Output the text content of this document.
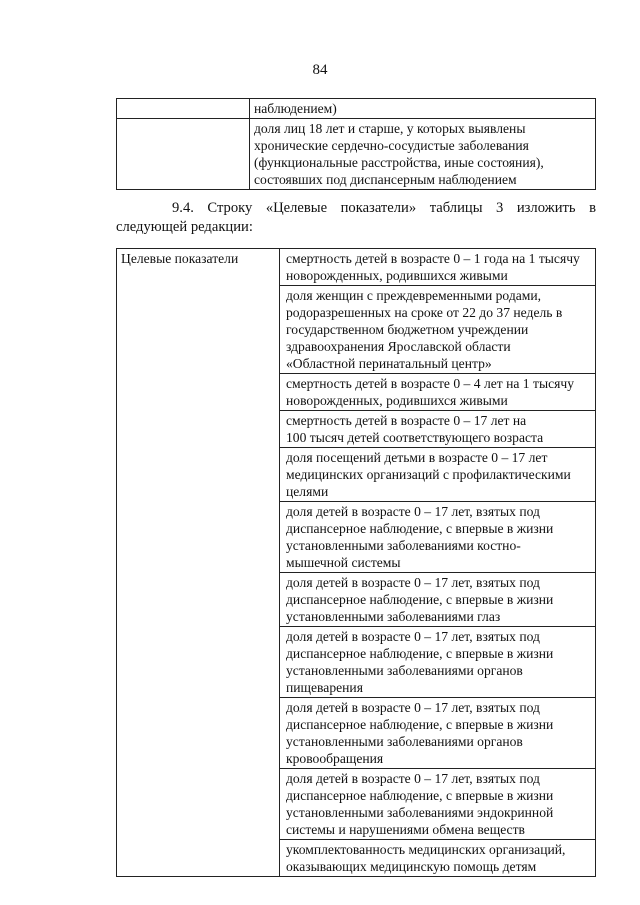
84
	наблюдением)

	доля лиц 18 лет и старше, у которых выявлены
хронические сердечно-сосудистые заболевания
(функциональные расстройства, иные состояния),
состоявших под диспансерным наблюдением
9.4. Строку «Целевые показатели» таблицы 3 изложить в следующей редакции:
Целевые показатели	смертность детей в возрасте 0 – 1 года на 1 тысячу
новорожденных, родившихся живыми

доля женщин с преждевременными родами,
родоразрешенных на сроке от 22 до 37 недель в
государственном бюджетном учреждении
здравоохранения Ярославской области
«Областной перинатальный центр»

смертность детей в возрасте 0 – 4 лет на 1 тысячу
новорожденных, родившихся живыми

смертность детей в возрасте 0 – 17 лет на
100 тысяч детей соответствующего возраста

доля посещений детьми в возрасте 0 – 17 лет
медицинских организаций с профилактическими
целями

доля детей в возрасте 0 – 17 лет, взятых под
диспансерное наблюдение, с впервые в жизни
установленными заболеваниями костно-
мышечной системы

доля детей в возрасте 0 – 17 лет, взятых под
диспансерное наблюдение, с впервые в жизни
установленными заболеваниями глаз

доля детей в возрасте 0 – 17 лет, взятых под
диспансерное наблюдение, с впервые в жизни
установленными заболеваниями органов
пищеварения

доля детей в возрасте 0 – 17 лет, взятых под
диспансерное наблюдение, с впервые в жизни
установленными заболеваниями органов
кровообращения

доля детей в возрасте 0 – 17 лет, взятых под
диспансерное наблюдение, с впервые в жизни
установленными заболеваниями эндокринной
системы и нарушениями обмена веществ

укомплектованность медицинских организаций,
оказывающих медицинскую помощь детям
